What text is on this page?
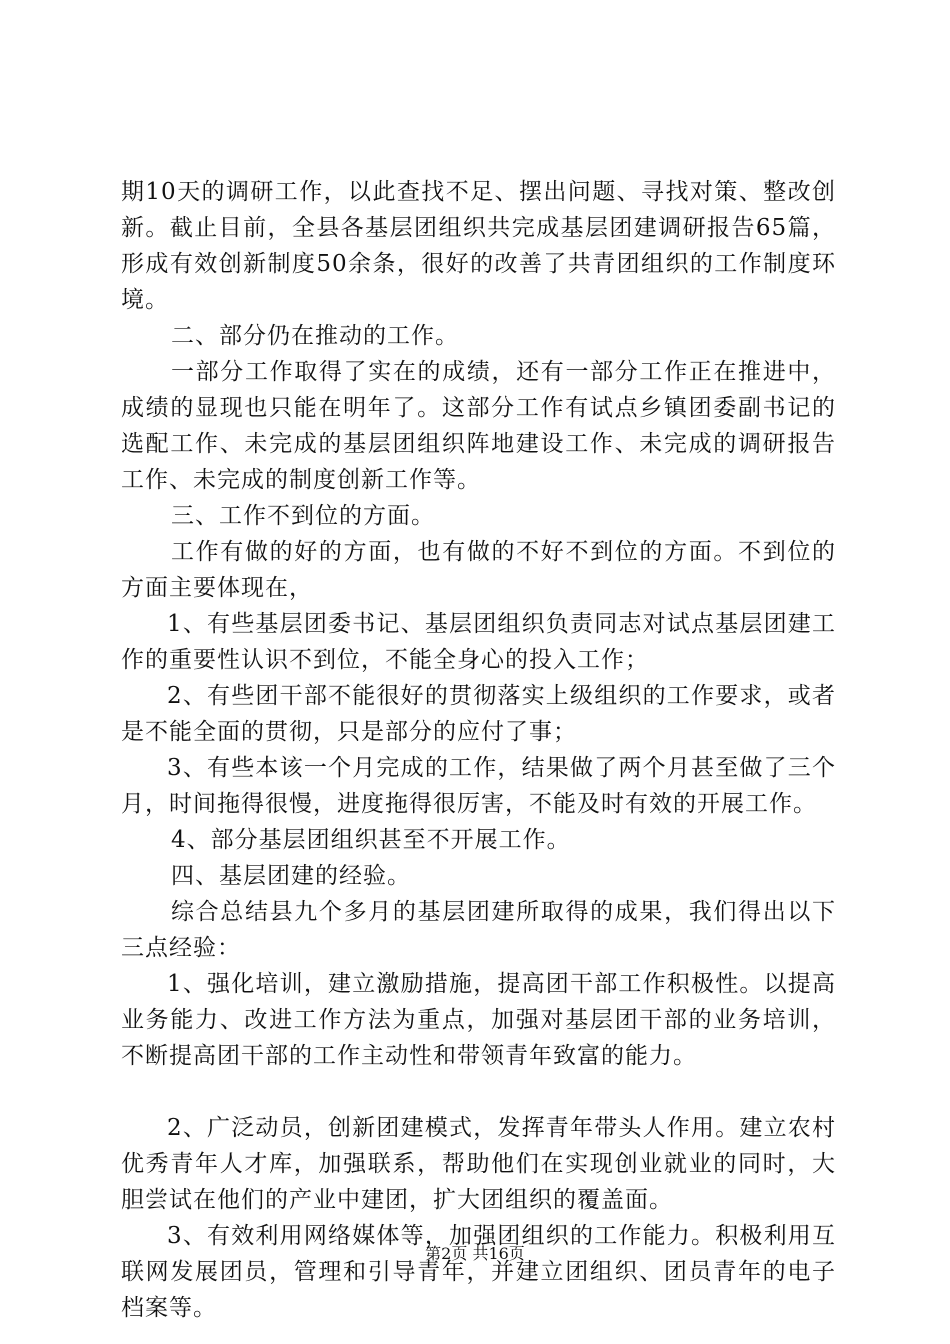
期10天的调研工作，以此查找不足、摆出问题、寻找对策、整改创新。截止目前，全县各基层团组织共完成基层团建调研报告65篇，形成有效创新制度50余条，很好的改善了共青团组织的工作制度环境。

二、部分仍在推动的工作。

一部分工作取得了实在的成绩，还有一部分工作正在推进中，成绩的显现也只能在明年了。这部分工作有试点乡镇团委副书记的选配工作、未完成的基层团组织阵地建设工作、未完成的调研报告工作、未完成的制度创新工作等。

三、工作不到位的方面。

工作有做的好的方面，也有做的不好不到位的方面。不到位的方面主要体现在，

1、有些基层团委书记、基层团组织负责同志对试点基层团建工作的重要性认识不到位，不能全身心的投入工作；

2、有些团干部不能很好的贯彻落实上级组织的工作要求，或者是不能全面的贯彻，只是部分的应付了事；

3、有些本该一个月完成的工作，结果做了两个月甚至做了三个月，时间拖得很慢，进度拖得很厉害，不能及时有效的开展工作。

4、部分基层团组织甚至不开展工作。

四、基层团建的经验。

综合总结县九个多月的基层团建所取得的成果，我们得出以下三点经验：

1、强化培训，建立激励措施，提高团干部工作积极性。以提高业务能力、改进工作方法为重点，加强对基层团干部的业务培训，不断提高团干部的工作主动性和带领青年致富的能力。

2、广泛动员，创新团建模式，发挥青年带头人作用。建立农村优秀青年人才库，加强联系，帮助他们在实现创业就业的同时，大胆尝试在他们的产业中建团，扩大团组织的覆盖面。

3、有效利用网络媒体等，加强团组织的工作能力。积极利用互联网发展团员，管理和引导青年，并建立团组织、团员青年的电子档案等。

第2页 共16页
